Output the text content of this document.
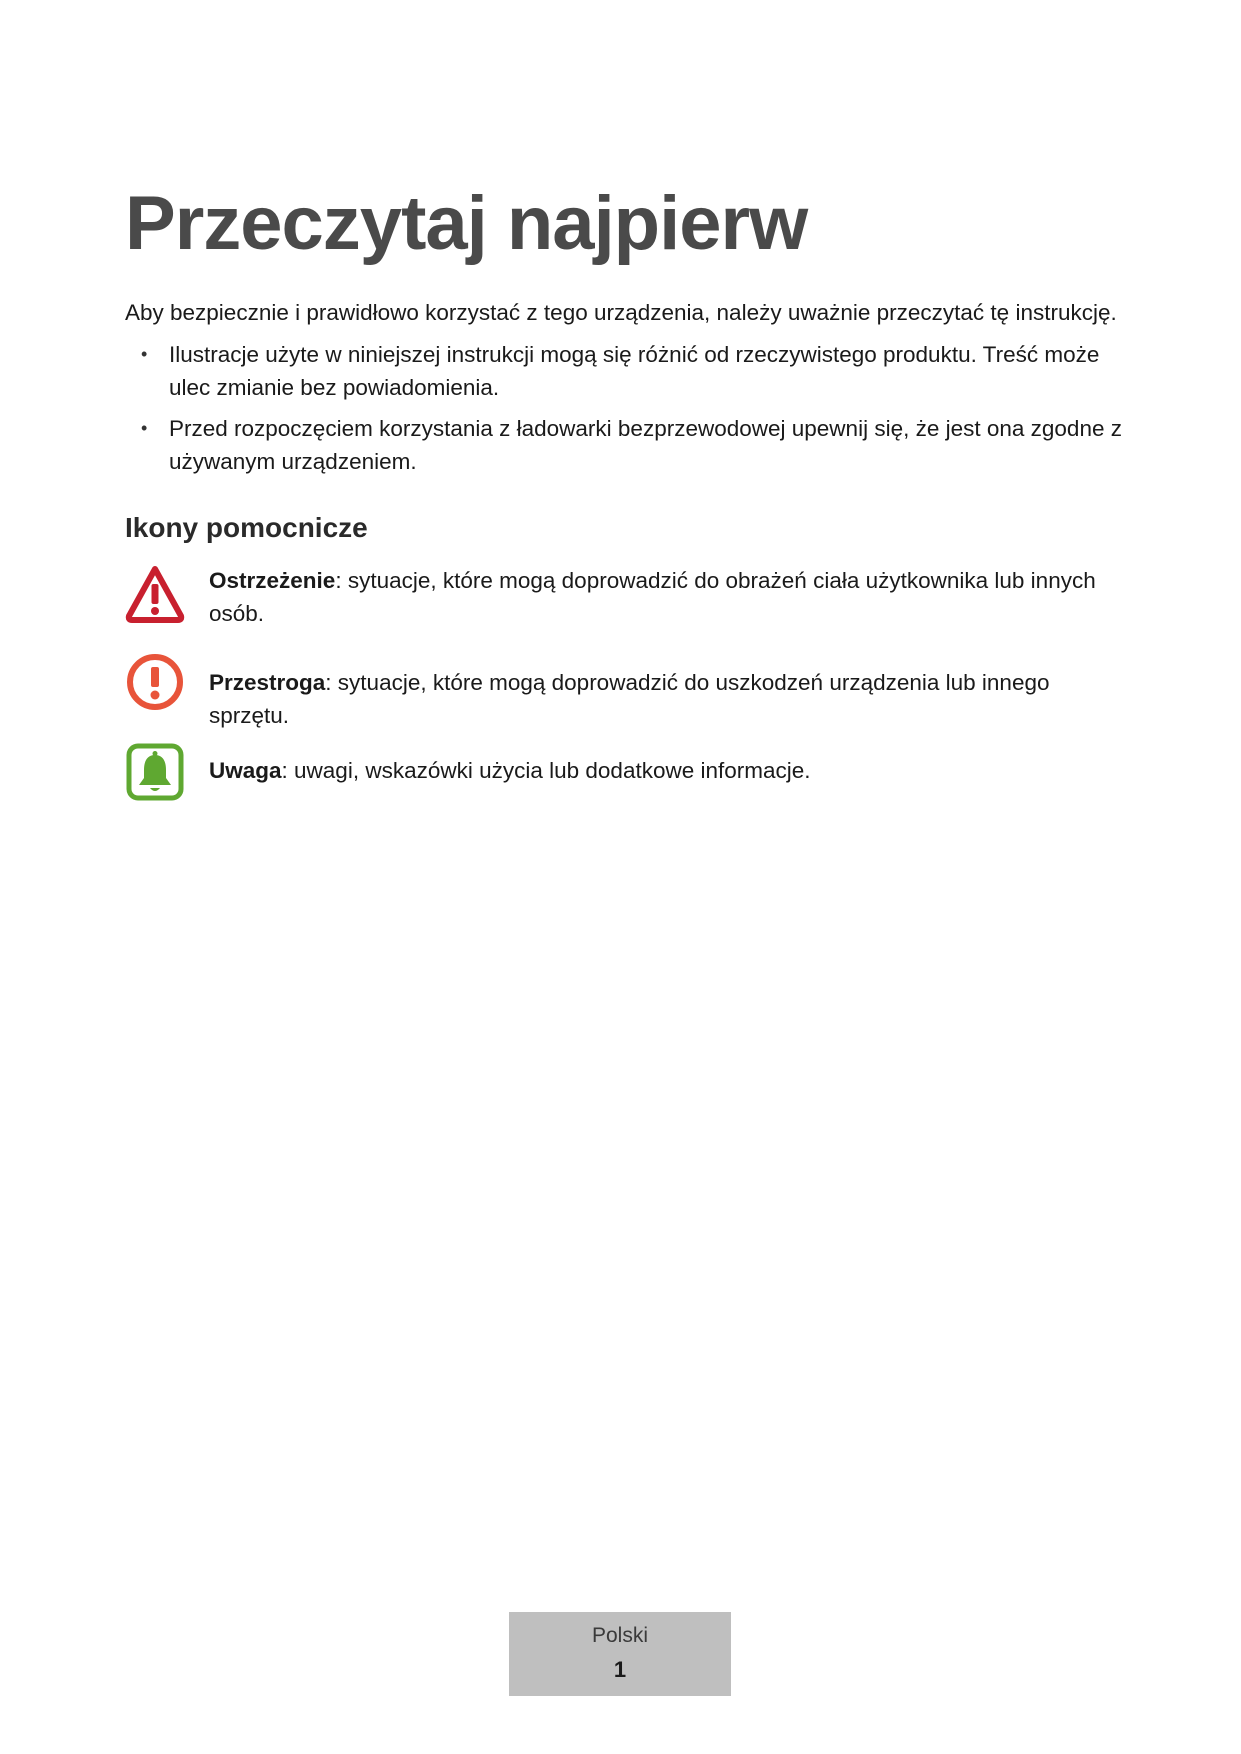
Przeczytaj najpierw

Aby bezpiecznie i prawidłowo korzystać z tego urządzenia, należy uważnie przeczytać tę instrukcję.

• Ilustracje użyte w niniejszej instrukcji mogą się różnić od rzeczywistego produktu. Treść może ulec zmianie bez powiadomienia.
• Przed rozpoczęciem korzystania z ładowarki bezprzewodowej upewnij się, że jest ona zgodne z używanym urządzeniem.
Ikony pomocnicze
Ostrzeżenie: sytuacje, które mogą doprowadzić do obrażeń ciała użytkownika lub innych osób.
Przestroga: sytuacje, które mogą doprowadzić do uszkodzeń urządzenia lub innego sprzętu.
Uwaga: uwagi, wskazówki użycia lub dodatkowe informacje.
Polski
1
